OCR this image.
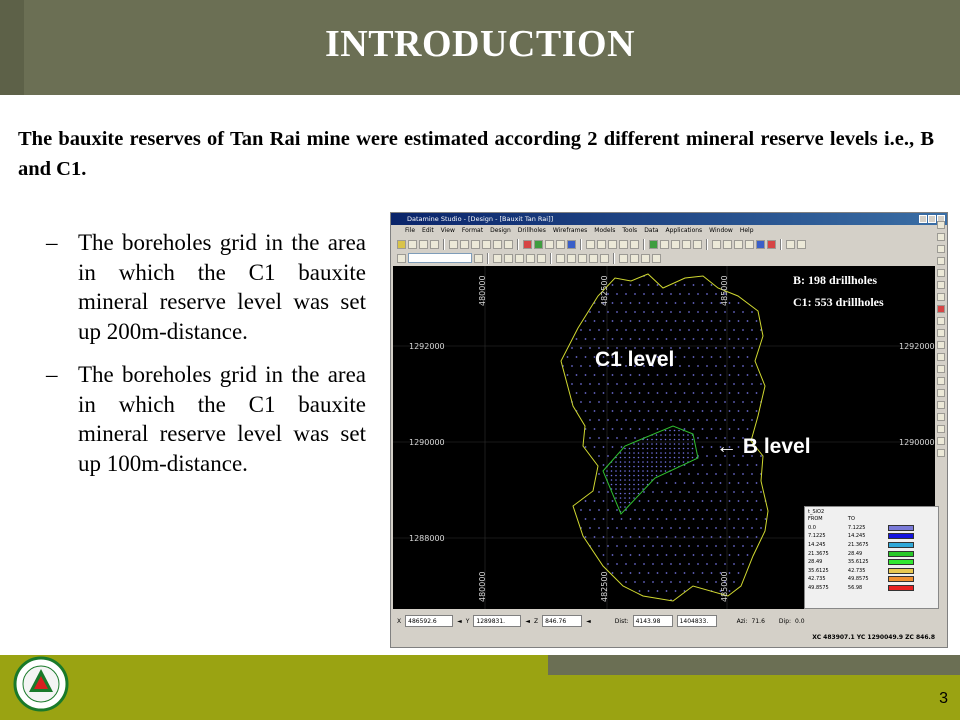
INTRODUCTION
The bauxite reserves of Tan Rai mine were estimated according 2 different mineral reserve levels i.e., B and C1.
– The boreholes grid in the area in which the C1 bauxite mineral reserve level was set up 200m-distance.
– The boreholes grid in the area in which the C1 bauxite mineral reserve level was set up 100m-distance.
Datamine Studio - [Design - [Bauxit Tan Rai]]
File Edit View Format Design Drillholes Wireframes Models Tools Data Applications Window Help
480000	482500	485000
480000	482500	485000
1292000
1290000
1288000
1292000
1290000
B: 198 drillholes
C1: 553 drillholes
C1 level
← B level
t_SiO2
FROM	TO	
0.0	7.1225	

7.1225	14.245	

14.245	21.3675	

21.3675	28.49	

28.49	35.6125	

35.6125	42.735	

42.735	49.8575	

49.8575	56.98	
X	486592.6	◄ Y	1289831.	◄ Z	846.76	◄	Dist:	4143.98	1404833.	Azi: 71.6 Dip: 0.0
XC 483907.1 YC 1290049.9 ZC 846.8
3
